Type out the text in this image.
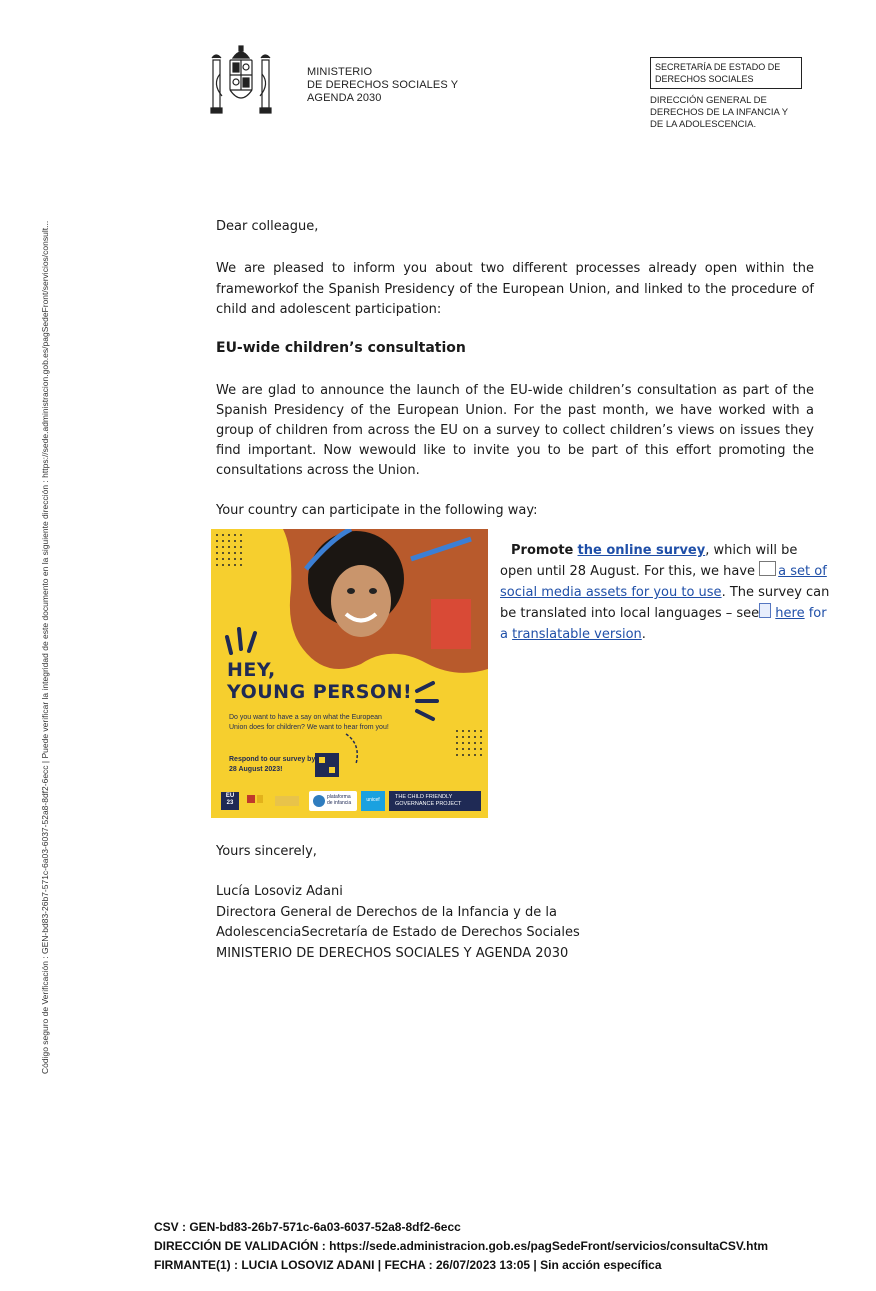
Código seguro de Verificación : GEN-bd83-26b7-571c-6a03-6037-52a8-8df2-6ecc | Puede verificar la integridad de este documento en la siguiente dirección : https://sede.administracion.gob.es/pagSedeFront/servicios/consult...
MINISTERIO
DE DERECHOS SOCIALES Y
AGENDA 2030
SECRETARÍA DE ESTADO DE
DERECHOS SOCIALES
DIRECCIÓN GENERAL DE
DERECHOS DE LA INFANCIA Y
DE LA ADOLESCENCIA.
Dear colleague,
We are pleased to inform you about two different processes already open within the frameworkof the Spanish Presidency of the European Union, and linked to the procedure of child and adolescent participation:
EU-wide children’s consultation
We are glad to announce the launch of the EU-wide children’s consultation as part of the Spanish Presidency of the European Union. For the past month, we have worked with a group of children from across the EU on a survey to collect children’s views on issues they find important. Now wewould like to invite you to be part of this effort promoting the consultations across the Union.
Your country can participate in the following way:
HEY,
YOUNG PERSON!
Do you want to have a say on what the European Union does for children? We want to hear from you!
Respond to our survey by 28 August 2023!
EU 23
plataforma de infancia	unicef	THE CHILD FRIENDLY GOVERNANCE PROJECT
Promote the online survey, which will be open until 28 August. For this, we have a set of social media assets for you to use. The survey can be translated into local languages – see here for a translatable version.
Yours sincerely,
Lucía Losoviz Adani
Directora General de Derechos de la Infancia y de la
AdolescenciaSecretaría de Estado de Derechos Sociales
MINISTERIO DE DERECHOS SOCIALES Y AGENDA 2030
CSV : GEN-bd83-26b7-571c-6a03-6037-52a8-8df2-6ecc
DIRECCIÓN DE VALIDACIÓN : https://sede.administracion.gob.es/pagSedeFront/servicios/consultaCSV.htm
FIRMANTE(1) : LUCIA LOSOVIZ ADANI | FECHA : 26/07/2023 13:05 | Sin acción específica
